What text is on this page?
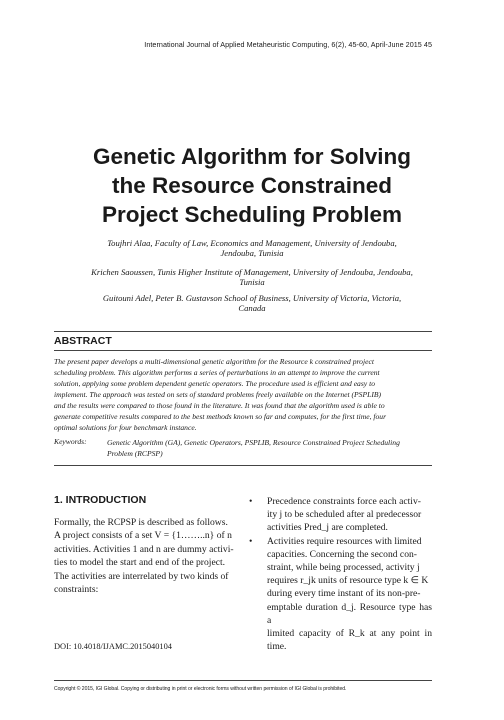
International Journal of Applied Metaheuristic Computing, 6(2), 45-60, April-June 2015 45
Genetic Algorithm for Solving
the Resource Constrained
Project Scheduling Problem
Toujhri Alaa, Faculty of Law, Economics and Management, University of Jendouba,
Jendouba, Tunisia
Krichen Saoussen, Tunis Higher Institute of Management, University of Jendouba, Jendouba,
Tunisia
Guitouni Adel, Peter B. Gustavson School of Business, University of Victoria, Victoria,
Canada
ABSTRACT
The present paper develops a multi-dimensional genetic algorithm for the Resource k constrained project
scheduling problem. This algorithm performs a series of perturbations in an attempt to improve the current
solution, applying some problem dependent genetic operators. The procedure used is efficient and easy to
implement. The approach was tested on sets of standard problems freely available on the Internet (PSPLIB)
and the results were compared to those found in the literature. It was found that the algorithm used is able to
generate competitive results compared to the best methods known so far and computes, for the first time, four
optimal solutions for four benchmark instance.
Keywords:	Genetic Algorithm (GA), Genetic Operators, PSPLIB, Resource Constrained Project Scheduling
Problem (RCPSP)
1. INTRODUCTION
Formally, the RCPSP is described as follows.
A project consists of a set V = {1……..n} of n
activities. Activities 1 and n are dummy activi-
ties to model the start and end of the project.
The activities are interrelated by two kinds of
constraints:
• Precedence constraints force each activ-
ity j to be scheduled after al predecessor
activities Pred_j are completed.
• Activities require resources with limited
capacities. Concerning the second con-
straint, while being processed, activity j
requires r_jk units of resource type k ∈ K
during every time instant of its non-pre-
emptable duration d_j. Resource type has a
limited capacity of R_k at any point in time.
DOI: 10.4018/IJAMC.2015040104
Copyright © 2015, IGI Global. Copying or distributing in print or electronic forms without written permission of IGI Global is prohibited.
